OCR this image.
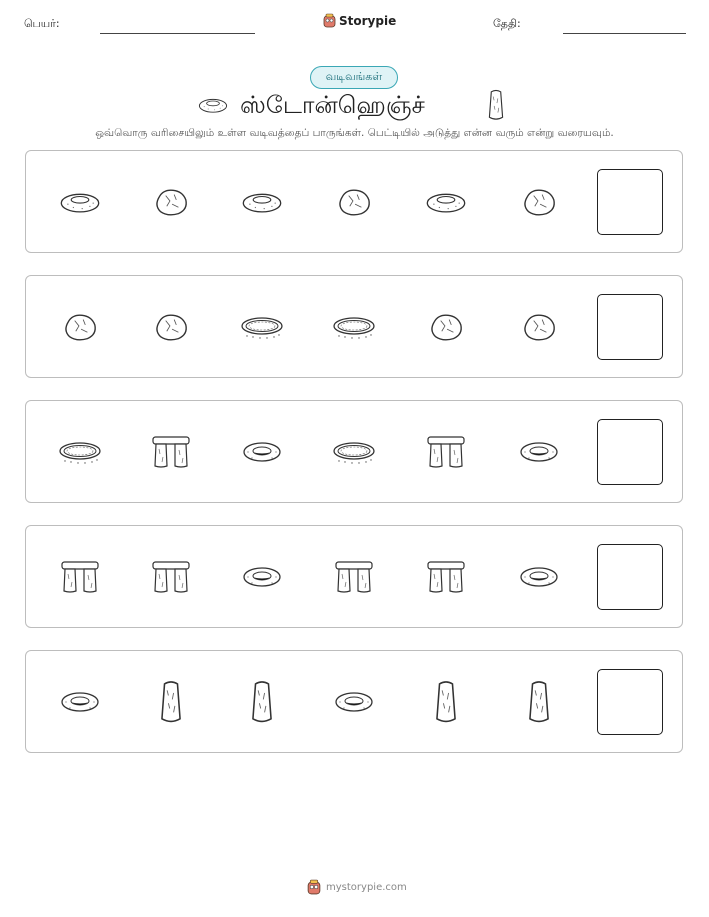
பெயர்:	Storypie	தேதி:
வடிவங்கள்
ஸ்டோன்ஹெஞ்ச்
ஒவ்வொரு வரிசையிலும் உள்ள வடிவத்தைப் பாருங்கள். பெட்டியில் அடுத்து என்ன வரும் என்று வரையவும்.
mystorypie.com
